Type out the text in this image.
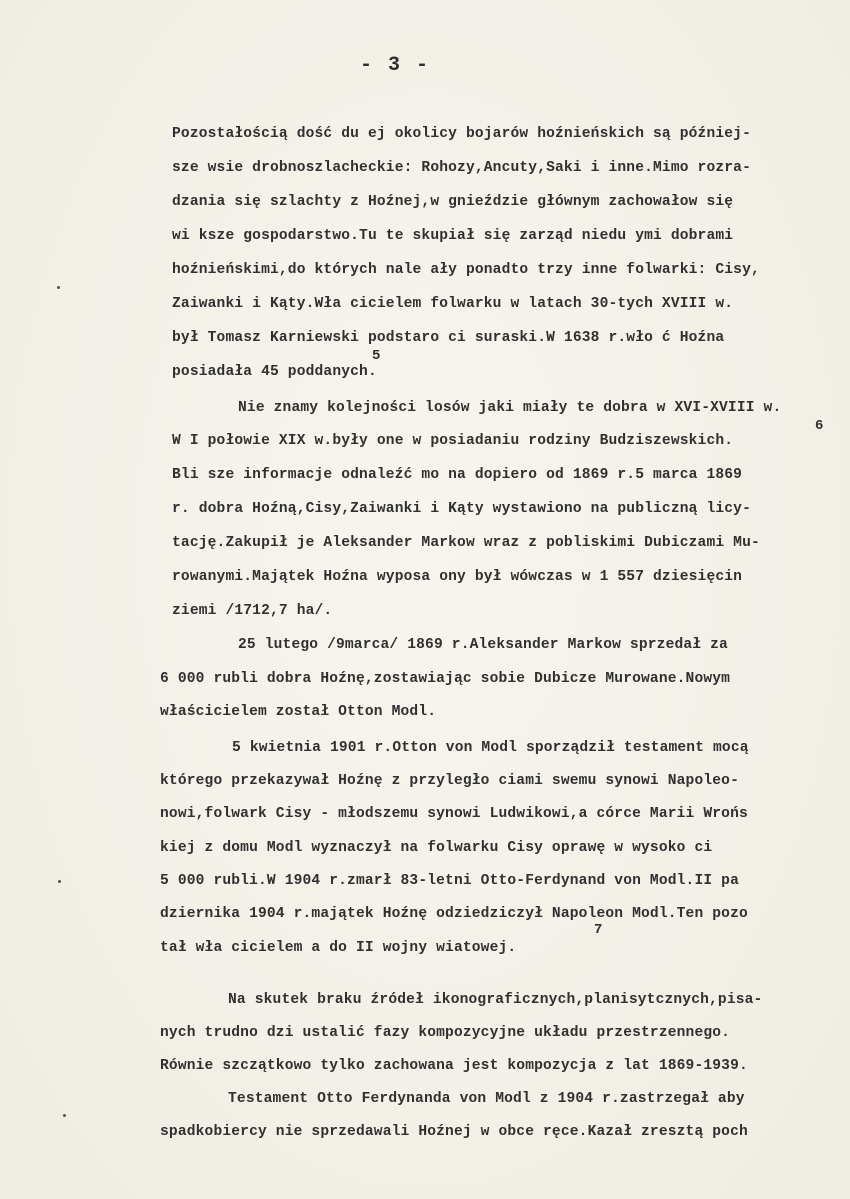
- 3 -
Pozostałością dość du ej okolicy bojarów hoźnieńskich są później-
sze wsie drobnoszlacheckie: Rohozy,Ancuty,Saki i inne.Mimo rozra-
dzania się szlachty z Hoźnej,w gnieździe głównym zachowałow się
wi ksze gospodarstwo.Tu te skupiał się zarząd niedu ymi dobrami
hoźnieńskimi,do których nale ały ponadto trzy inne folwarki: Cisy,
Zaiwanki i Kąty.Wła cicielem folwarku w latach 30-tych XVIII w.
był Tomasz Karniewski podstaro ci suraski.W 1638 r.wło ć Hoźna
posiadała 45 poddanych.
5
Nie znamy kolejności losów jaki miały te dobra w XVI-XVIII w.
W I połowie XIX w.były one w posiadaniu rodziny Budziszewskich.
6
Bli sze informacje odnaleźć mo na dopiero od 1869 r.5 marca 1869
r. dobra Hoźną,Cisy,Zaiwanki i Kąty wystawiono na publiczną licy-
tację.Zakupił je Aleksander Markow wraz z pobliskimi Dubiczami Mu-
rowanymi.Majątek Hoźna wyposa ony był wówczas w 1 557 dziesięcin
ziemi /1712,7 ha/.
25 lutego /9marca/ 1869 r.Aleksander Markow sprzedał za
6 000 rubli dobra Hoźnę,zostawiając sobie Dubicze Murowane.Nowym
właścicielem został Otton Modl.
5 kwietnia 1901 r.Otton von Modl sporządził testament mocą
którego przekazywał Hoźnę z przyległo ciami swemu synowi Napoleo-
nowi,folwark Cisy - młodszemu synowi Ludwikowi,a córce Marii Wrońs
kiej z domu Modl wyznaczył na folwarku Cisy oprawę w wysoko ci
5 000 rubli.W 1904 r.zmarł 83-letni Otto-Ferdynand von Modl.II pa
dziernika 1904 r.majątek Hoźnę odziedziczył Napoleon Modl.Ten pozo
tał wła cicielem a do II wojny wiatowej.
7
Na skutek braku źródeł ikonograficznych,planisytcznych,pisa-
nych trudno dzi ustalić fazy kompozycyjne układu przestrzennego.
Równie szczątkowo tylko zachowana jest kompozycja z lat 1869-1939.
Testament Otto Ferdynanda von Modl z 1904 r.zastrzegał aby
spadkobiercy nie sprzedawali Hoźnej w obce ręce.Kazał zresztą poch
